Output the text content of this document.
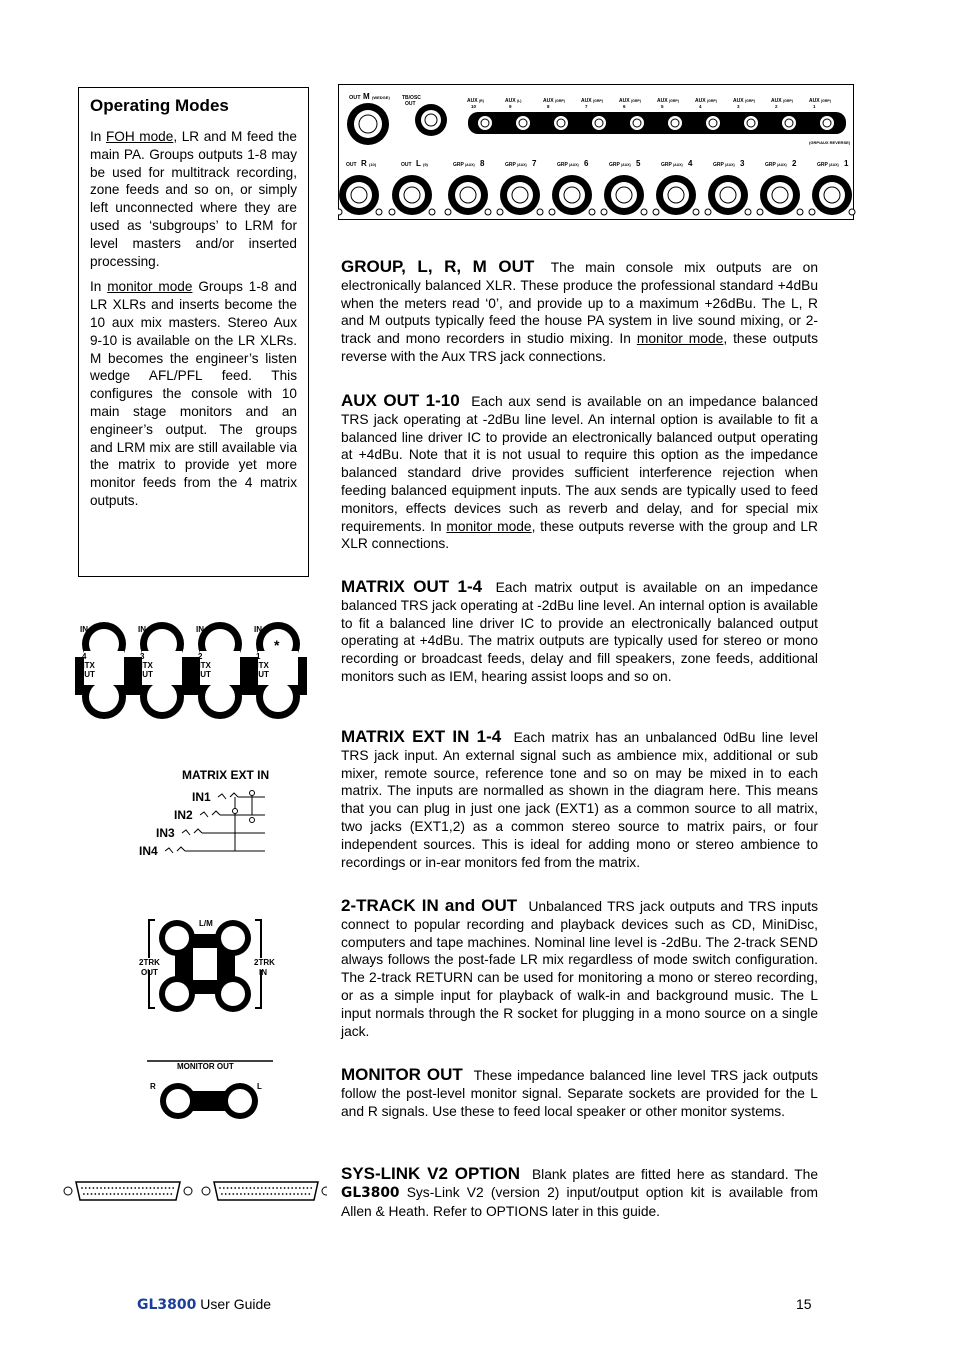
Operating Modes

In FOH mode, LR and M feed the main PA. Groups outputs 1-8 may be used for multitrack recording, zone feeds and so on, or simply left unconnected where they are used as ‘subgroups’ to LRM for level masters and/or inserted processing.

In monitor mode Groups 1-8 and LR XLRs and inserts become the 10 aux mix masters. Stereo Aux 9-10 is available on the LR XLRs. M becomes the engineer’s listen wedge AFL/PFL feed. This configures the console with 10 main stage monitors and an engineer’s output. The groups and LRM mix are still available via the matrix to provide yet more monitor feeds from the 4 matrix outputs.

OUT M (WEDGE) TB/OSC
OUT	AUX (R)
10
AUX (L)
9
AUX (GRP)
8
AUX (GRP)
7
AUX (GRP)
6
AUX (GRP)
5
AUX (GRP)
4
AUX (GRP)
3
AUX (GRP)
2
AUX (GRP)
1
(GRP/AUX REVERSE)
GRP (AUX) 8	GRP (AUX) 7	GRP (AUX) 6	GRP (AUX) 5	GRP (AUX) 4	GRP (AUX) 3	GRP (AUX) 2	GRP (AUX) 1
OUT R (10)	OUT L (9)

GROUP, L, R, M OUT The main console mix outputs are on electronically balanced XLR. These produce the professional standard +4dBu when the meters read ‘0’, and provide up to a maximum +26dBu. The L, R and M outputs typically feed the house PA system in live sound mixing, or 2-track and mono recorders in studio mixing. In monitor mode, these outputs reverse with the Aux TRS jack connections.

AUX OUT 1-10 Each aux send is available on an impedance balanced TRS jack operating at -2dBu line level. An internal option is available to fit a balanced line driver IC to provide an electronically balanced output operating at +4dBu. Note that it is not usual to require this option as the impedance balanced standard drive provides sufficient interference rejection when feeding balanced equipment inputs. The aux sends are typically used to feed monitors, effects devices such as reverb and delay, and for special mix requirements. In monitor mode, these outputs reverse with the group and LR XLR connections.

MATRIX OUT 1-4 Each matrix output is available on an impedance balanced TRS jack operating at -2dBu line level. An internal option is available to fit a balanced line driver IC to provide an electronically balanced output operating at +4dBu. The matrix outputs are typically used for stereo or mono recording or broadcast feeds, delay and fill speakers, zone feeds, additional monitors such as IEM, hearing assist loops and so on.

MATRIX EXT IN 1-4 Each matrix has an unbalanced 0dBu line level TRS jack input. An external signal such as ambience mix, additional or sub mixer, remote source, reference tone and so on may be mixed in to each matrix. The inputs are normalled as shown in the diagram here. This means that you can plug in just one jack (EXT1) as a common source to all matrix, two jacks (EXT1,2) as a common stereo source to matrix pairs, or four independent sources. This is ideal for adding mono or stereo ambience to recordings or in-ear monitors fed from the matrix.

2-TRACK IN and OUT Unbalanced TRS jack outputs and TRS inputs connect to popular recording and playback devices such as CD, MiniDisc, computers and tape machines. Nominal line level is -2dBu. The 2-track SEND always follows the post-fade LR mix regardless of mode switch configuration. The 2-track RETURN can be used for monitoring a mono or stereo recording, or as a simple input for playback of walk-in and background music. The L input normals through the R socket for plugging in a mono source on a single jack.

MONITOR OUT These impedance balanced line level TRS jack outputs follow the post-level monitor signal. Separate sockets are provided for the L and R signals. Use these to feed local speaker or other monitor systems.

SYS-LINK V2 OPTION Blank plates are fitted here as standard. The GL3800 Sys-Link V2 (version 2) input/output option kit is available from Allen & Heath. Refer to OPTIONS later in this guide.

IN
4
MTX
OUT
IN
3
MTX
OUT
IN
2
MTX
OUT
IN
1
MTX
OUT
*
MATRIX EXT IN
IN1
IN2
IN3
IN4
L/M
R
2TRK
OUT
2TRK
IN
MONITOR OUT
R	L
GL3800 User Guide	15
